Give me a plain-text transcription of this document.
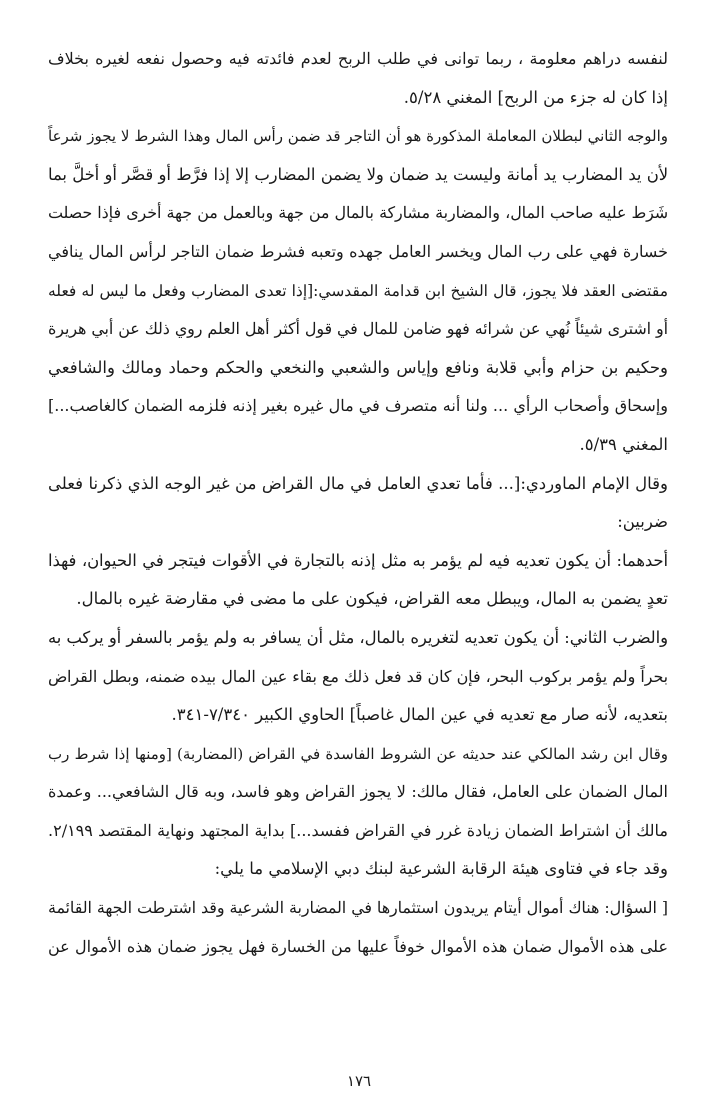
لنفسه دراهم معلومة ، ربما توانى في طلب الربح لعدم فائدته فيه وحصول نفعه لغيره بخلاف
إذا كان له جزء من الربح] المغني ٥/٢٨.
والوجه الثاني لبطلان المعاملة المذكورة هو أن التاجر قد ضمن رأس المال وهذا الشرط لا يجوز شرعاً
لأن يد المضارب يد أمانة وليست يد ضمان ولا يضمن المضارب إلا إذا فرَّط أو قصَّر أو أخلَّ بما
شَرَط عليه صاحب المال، والمضاربة مشاركة بالمال من جهة وبالعمل من جهة أخرى فإذا حصلت
خسارة فهي على رب المال ويخسر العامل جهده وتعبه فشرط ضمان التاجر لرأس المال ينافي
مقتضى العقد فلا يجوز، قال الشيخ ابن قدامة المقدسي:[إذا تعدى المضارب وفعل ما ليس له فعله
أو اشترى شيئاً نُهي عن شرائه فهو ضامن للمال في قول أكثر أهل العلم روي ذلك عن أبي هريرة
وحكيم بن حزام وأبي قلابة ونافع وإياس والشعبي والنخعي والحكم وحماد ومالك والشافعي
وإسحاق وأصحاب الرأي ... ولنا أنه متصرف في مال غيره بغير إذنه فلزمه الضمان كالغاصب...]
المغني ٥/٣٩.
وقال الإمام الماوردي:[... فأما تعدي العامل في مال القراض من غير الوجه الذي ذكرنا فعلى
ضربين:
أحدهما: أن يكون تعديه فيه لم يؤمر به مثل إذنه بالتجارة في الأقوات فيتجر في الحيوان، فهذا
تعدٍ يضمن به المال، ويبطل معه القراض، فيكون على ما مضى في مقارضة غيره بالمال.
والضرب الثاني: أن يكون تعديه لتغريره بالمال، مثل أن يسافر به ولم يؤمر بالسفر أو يركب به
بحراً ولم يؤمر بركوب البحر، فإن كان قد فعل ذلك مع بقاء عين المال بيده ضمنه، وبطل القراض
بتعديه، لأنه صار مع تعديه في عين المال غاصباً] الحاوي الكبير ٧/٣٤٠-٣٤١.
وقال ابن رشد المالكي عند حديثه عن الشروط الفاسدة في القراض (المضاربة) [ومنها إذا شرط رب
المال الضمان على العامل، فقال مالك: لا يجوز القراض وهو فاسد، وبه قال الشافعي... وعمدة
مالك أن اشتراط الضمان زيادة غرر في القراض ففسد...] بداية المجتهد ونهاية المقتصد ٢/١٩٩.
وقد جاء في فتاوى هيئة الرقابة الشرعية لبنك دبي الإسلامي ما يلي:
[ السؤال: هناك أموال أيتام يريدون استثمارها في المضاربة الشرعية وقد اشترطت الجهة القائمة
على هذه الأموال ضمان هذه الأموال خوفاً عليها من الخسارة فهل يجوز ضمان هذه الأموال عن
١٧٦
